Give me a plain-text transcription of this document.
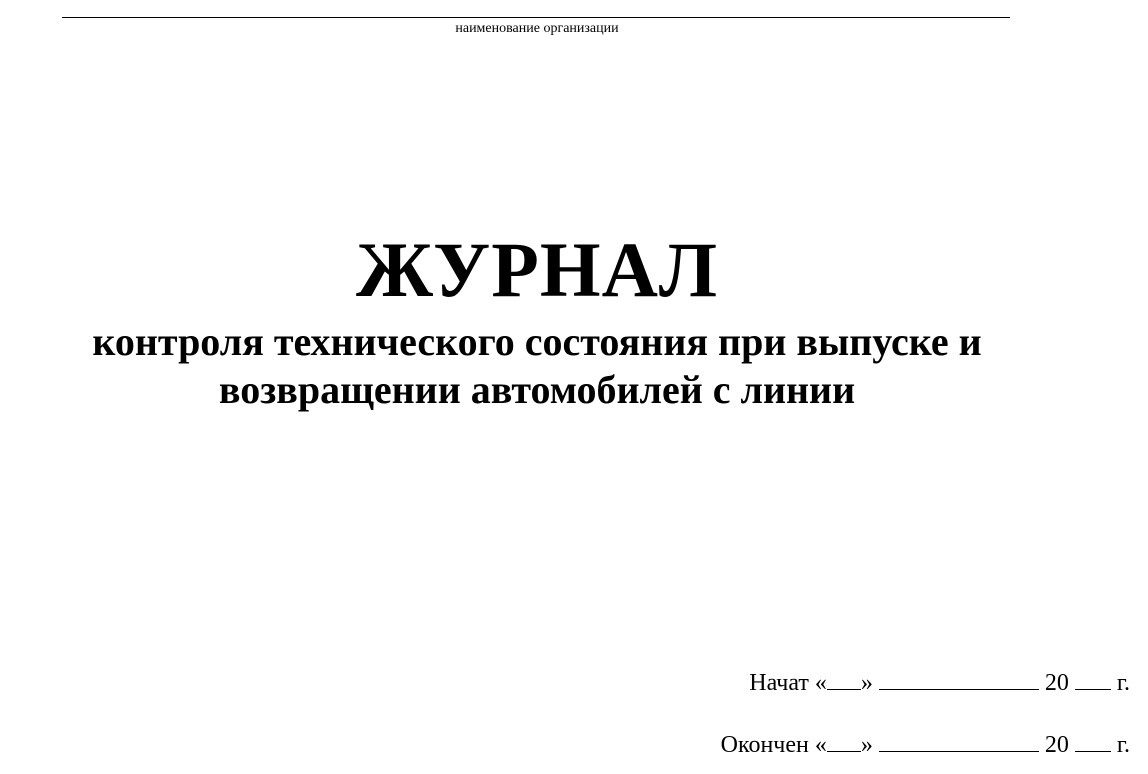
наименование организации
ЖУРНАЛ
контроля технического состояния при выпуске и
возвращении автомобилей с линии
Начат « »

	20

г.
Окончен « »

	20

г.
